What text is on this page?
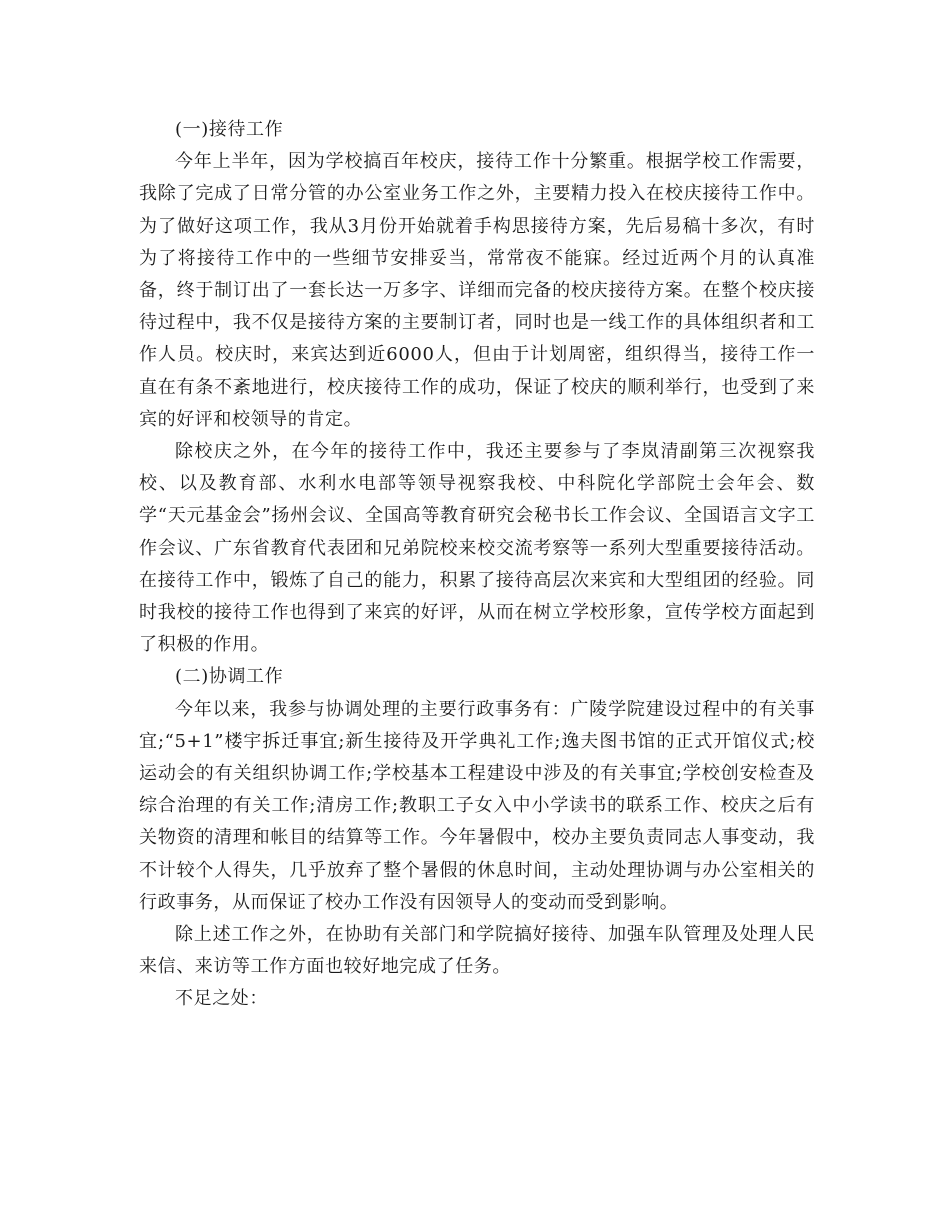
(一)接待工作

今年上半年，因为学校搞百年校庆，接待工作十分繁重。根据学校工作需要，我除了完成了日常分管的办公室业务工作之外，主要精力投入在校庆接待工作中。为了做好这项工作，我从3月份开始就着手构思接待方案，先后易稿十多次，有时为了将接待工作中的一些细节安排妥当，常常夜不能寐。经过近两个月的认真准备，终于制订出了一套长达一万多字、详细而完备的校庆接待方案。在整个校庆接待过程中，我不仅是接待方案的主要制订者，同时也是一线工作的具体组织者和工作人员。校庆时，来宾达到近6000人，但由于计划周密，组织得当，接待工作一直在有条不紊地进行，校庆接待工作的成功，保证了校庆的顺利举行，也受到了来宾的好评和校领导的肯定。

除校庆之外，在今年的接待工作中，我还主要参与了李岚清副第三次视察我校、以及教育部、水利水电部等领导视察我校、中科院化学部院士会年会、数学“天元基金会”扬州会议、全国高等教育研究会秘书长工作会议、全国语言文字工作会议、广东省教育代表团和兄弟院校来校交流考察等一系列大型重要接待活动。在接待工作中，锻炼了自己的能力，积累了接待高层次来宾和大型组团的经验。同时我校的接待工作也得到了来宾的好评，从而在树立学校形象，宣传学校方面起到了积极的作用。

(二)协调工作

今年以来，我参与协调处理的主要行政事务有：广陵学院建设过程中的有关事宜;“5+1”楼宇拆迁事宜;新生接待及开学典礼工作;逸夫图书馆的正式开馆仪式;校运动会的有关组织协调工作;学校基本工程建设中涉及的有关事宜;学校创安检查及综合治理的有关工作;清房工作;教职工子女入中小学读书的联系工作、校庆之后有关物资的清理和帐目的结算等工作。今年暑假中，校办主要负责同志人事变动，我不计较个人得失，几乎放弃了整个暑假的休息时间，主动处理协调与办公室相关的行政事务，从而保证了校办工作没有因领导人的变动而受到影响。

除上述工作之外，在协助有关部门和学院搞好接待、加强车队管理及处理人民来信、来访等工作方面也较好地完成了任务。

不足之处：
